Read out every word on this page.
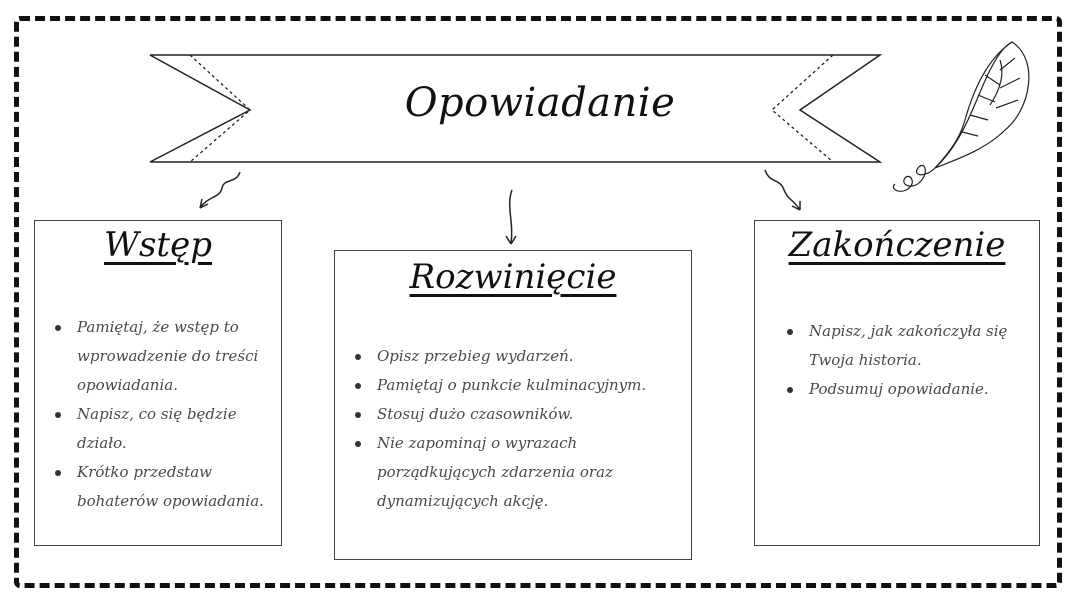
Opowiadanie
Wstęp
Pamiętaj, że wstęp to wprowadzenie do treści opowiadania.
Napisz, co się będzie działo.
Krótko przedstaw bohaterów opowiadania.
Rozwinięcie
Opisz przebieg wydarzeń.
Pamiętaj o punkcie kulminacyjnym.
Stosuj dużo czasowników.
Nie zapominaj o wyrazach porządkujących zdarzenia oraz dynamizujących akcję.
Zakończenie
Napisz, jak zakończyła się Twoja historia.
Podsumuj opowiadanie.
